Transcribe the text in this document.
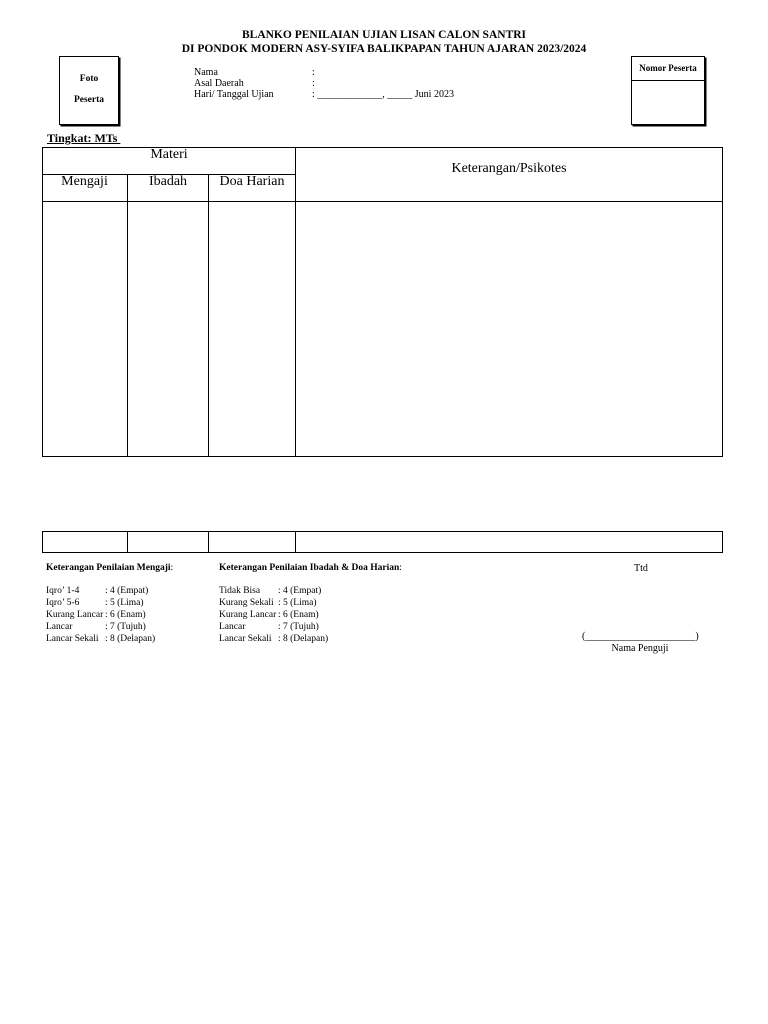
BLANKO PENILAIAN UJIAN LISAN CALON SANTRI
DI PONDOK MODERN ASY-SYIFA BALIKPAPAN TAHUN AJARAN 2023/2024
Foto
Peserta
Nama	:
Asal Daerah	:
Hari/ Tanggal Ujian	: _____________, _____ Juni 2023
Nomor Peserta
Tingkat: MTs
Materi
Mengaji	Ibadah	Doa Harian
Keterangan/Psikotes
Keterangan Penilaian Mengaji:
Iqro’ 1-4	: 4 (Empat)
Iqro’ 5-6	: 5 (Lima)
Kurang Lancar : 6 (Enam)
Lancar	: 7 (Tujuh)
Lancar Sekali : 8 (Delapan)
Keterangan Penilaian Ibadah & Doa Harian:
Tidak Bisa : 4 (Empat)
Kurang Sekali : 5 (Lima)
Kurang Lancar : 6 (Enam)
Lancar	: 7 (Tujuh)
Lancar Sekali : 8 (Delapan)
Ttd
(______________________)
Nama Penguji
